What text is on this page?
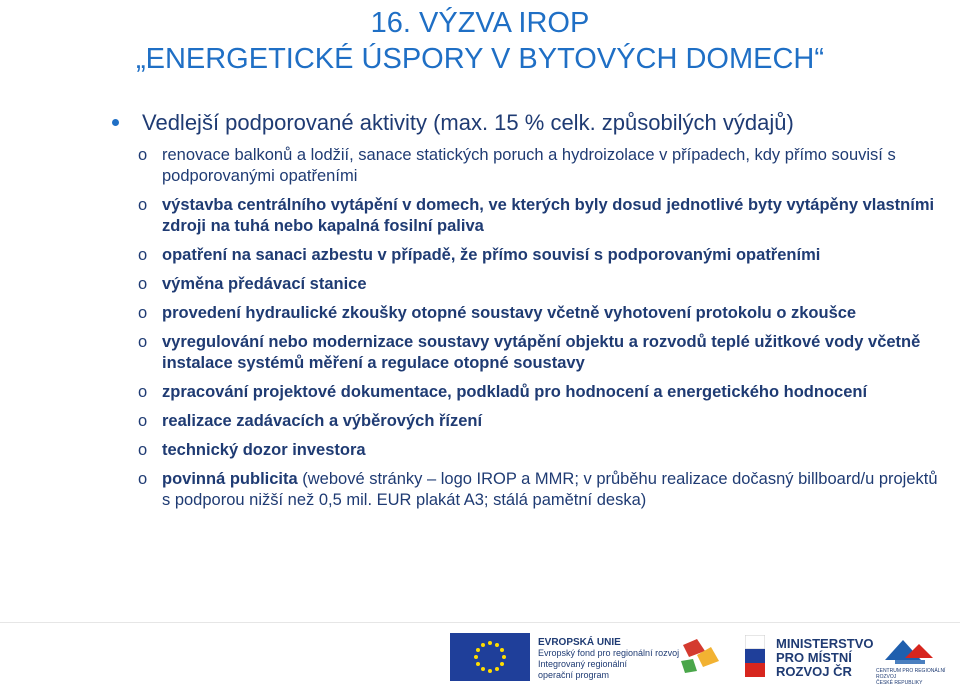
16. VÝZVA IROP
„ENERGETICKÉ ÚSPORY V BYTOVÝCH DOMECH“
Vedlejší podporované aktivity (max. 15 % celk. způsobilých výdajů)
o renovace balkonů a lodžií, sanace statických poruch a hydroizolace v případech, kdy přímo souvisí s podporovanými opatřeními
o výstavba centrálního vytápění v domech, ve kterých byly dosud jednotlivé byty vytápěny vlastními zdroji na tuhá nebo kapalná fosilní paliva
o opatření na sanaci azbestu v případě, že přímo souvisí s podporovanými opatřeními
o výměna předávací stanice
o provedení hydraulické zkoušky otopné soustavy včetně vyhotovení protokolu o zkoušce
o vyregulování nebo modernizace soustavy vytápění objektu a rozvodů teplé užitkové vody včetně instalace systémů měření a regulace otopné soustavy
o zpracování projektové dokumentace, podkladů pro hodnocení a energetického hodnocení
o realizace zadávacích a výběrových řízení
o technický dozor investora
o povinná publicita (webové stránky – logo IROP a MMR; v průběhu realizace dočasný billboard/u projektů s podporou nižší než 0,5 mil. EUR plakát A3; stálá pamětní deska)
EVROPSKÁ UNIE
Evropský fond pro regionální rozvoj
Integrovaný regionální
operační program
MINISTERSTVO
PRO MÍSTNÍ
ROZVOJ ČR	CENTRUM PRO REGIONÁLNÍ ROZVOJ
ČESKÉ REPUBLIKY
